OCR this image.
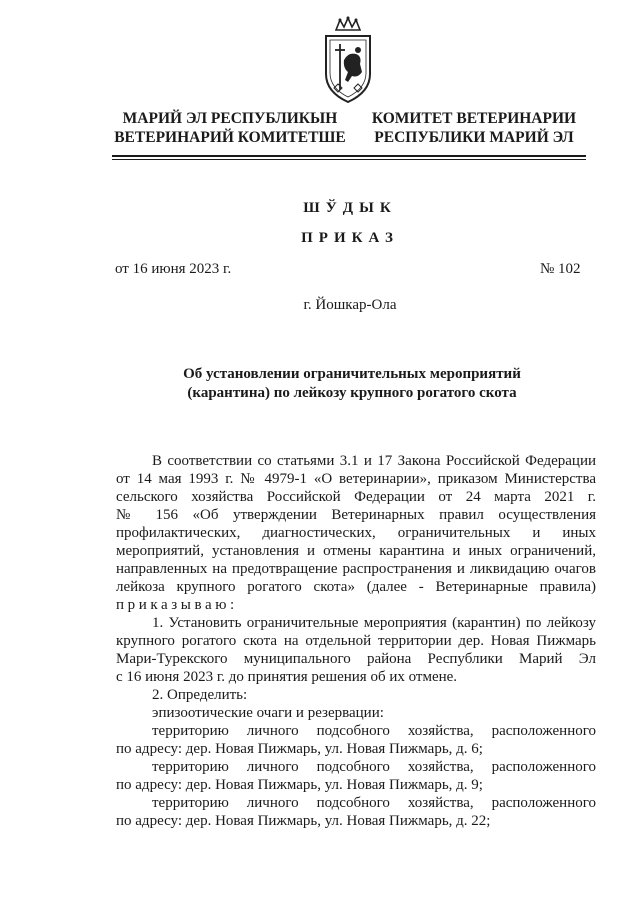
МАРИЙ ЭЛ РЕСПУБЛИКЫН
ВЕТЕРИНАРИЙ КОМИТЕТШЕ
КОМИТЕТ ВЕТЕРИНАРИИ
РЕСПУБЛИКИ МАРИЙ ЭЛ
ШЎДЫК
ПРИКАЗ
от 16 июня 2023 г.	№ 102
г. Йошкар-Ола
Об установлении ограничительных мероприятий
(карантина) по лейкозу крупного рогатого скота
В соответствии со статьями 3.1 и 17 Закона Российской Федерации
от 14 мая 1993 г. № 4979-1 «О ветеринарии», приказом Министерства
сельского хозяйства Российской Федерации от 24 марта 2021 г.
№ 156 «Об утверждении Ветеринарных правил осуществления
профилактических, диагностических, ограничительных и иных
мероприятий, установления и отмены карантина и иных ограничений,
направленных на предотвращение распространения и ликвидацию очагов
лейкоза крупного рогатого скота» (далее - Ветеринарные правила)
приказываю:
1. Установить ограничительные мероприятия (карантин) по лейкозу
крупного рогатого скота на отдельной территории дер. Новая Пижмарь
Мари-Турекского муниципального района Республики Марий Эл
с 16 июня 2023 г. до принятия решения об их отмене.
2. Определить:
эпизоотические очаги и резервации:
территорию личного подсобного хозяйства, расположенного
по адресу: дер. Новая Пижмарь, ул. Новая Пижмарь, д. 6;
территорию личного подсобного хозяйства, расположенного
по адресу: дер. Новая Пижмарь, ул. Новая Пижмарь, д. 9;
территорию личного подсобного хозяйства, расположенного
по адресу: дер. Новая Пижмарь, ул. Новая Пижмарь, д. 22;
